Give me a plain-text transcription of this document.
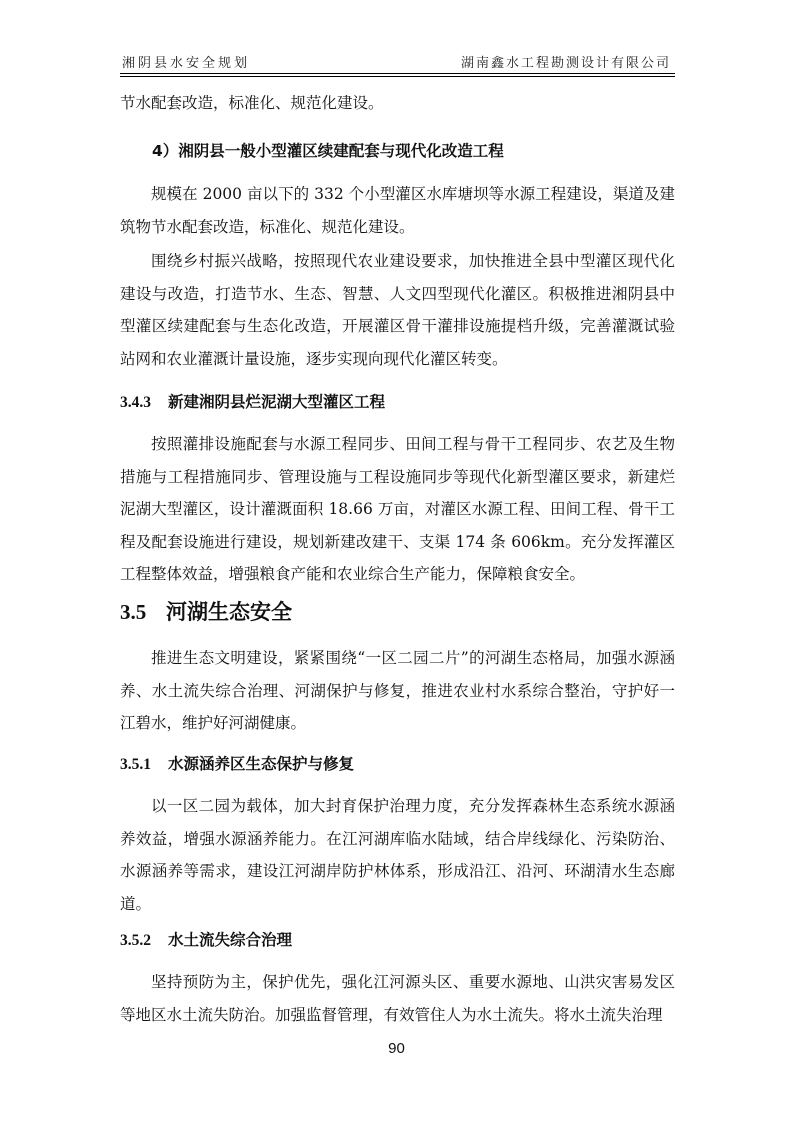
湘阴县水安全规划	湖南鑫水工程勘测设计有限公司
节水配套改造，标准化、规范化建设。
4）湘阴县一般小型灌区续建配套与现代化改造工程
规模在 2000 亩以下的 332 个小型灌区水库塘坝等水源工程建设，渠道及建筑物节水配套改造，标准化、规范化建设。
围绕乡村振兴战略，按照现代农业建设要求，加快推进全县中型灌区现代化建设与改造，打造节水、生态、智慧、人文四型现代化灌区。积极推进湘阴县中型灌区续建配套与生态化改造，开展灌区骨干灌排设施提档升级，完善灌溉试验站网和农业灌溉计量设施，逐步实现向现代化灌区转变。
3.4.3 新建湘阴县烂泥湖大型灌区工程
按照灌排设施配套与水源工程同步、田间工程与骨干工程同步、农艺及生物措施与工程措施同步、管理设施与工程设施同步等现代化新型灌区要求，新建烂泥湖大型灌区，设计灌溉面积 18.66 万亩，对灌区水源工程、田间工程、骨干工程及配套设施进行建设，规划新建改建干、支渠 174 条 606km。充分发挥灌区工程整体效益，增强粮食产能和农业综合生产能力，保障粮食安全。
3.5 河湖生态安全
推进生态文明建设，紧紧围绕“一区二园二片”的河湖生态格局，加强水源涵养、水土流失综合治理、河湖保护与修复，推进农业村水系综合整治，守护好一江碧水，维护好河湖健康。
3.5.1 水源涵养区生态保护与修复
以一区二园为载体，加大封育保护治理力度，充分发挥森林生态系统水源涵养效益，增强水源涵养能力。在江河湖库临水陆域，结合岸线绿化、污染防治、水源涵养等需求，建设江河湖岸防护林体系，形成沿江、沿河、环湖清水生态廊道。
3.5.2 水土流失综合治理
坚持预防为主，保护优先，强化江河源头区、重要水源地、山洪灾害易发区等地区水土流失防治。加强监督管理，有效管住人为水土流失。将水土流失治理
90
